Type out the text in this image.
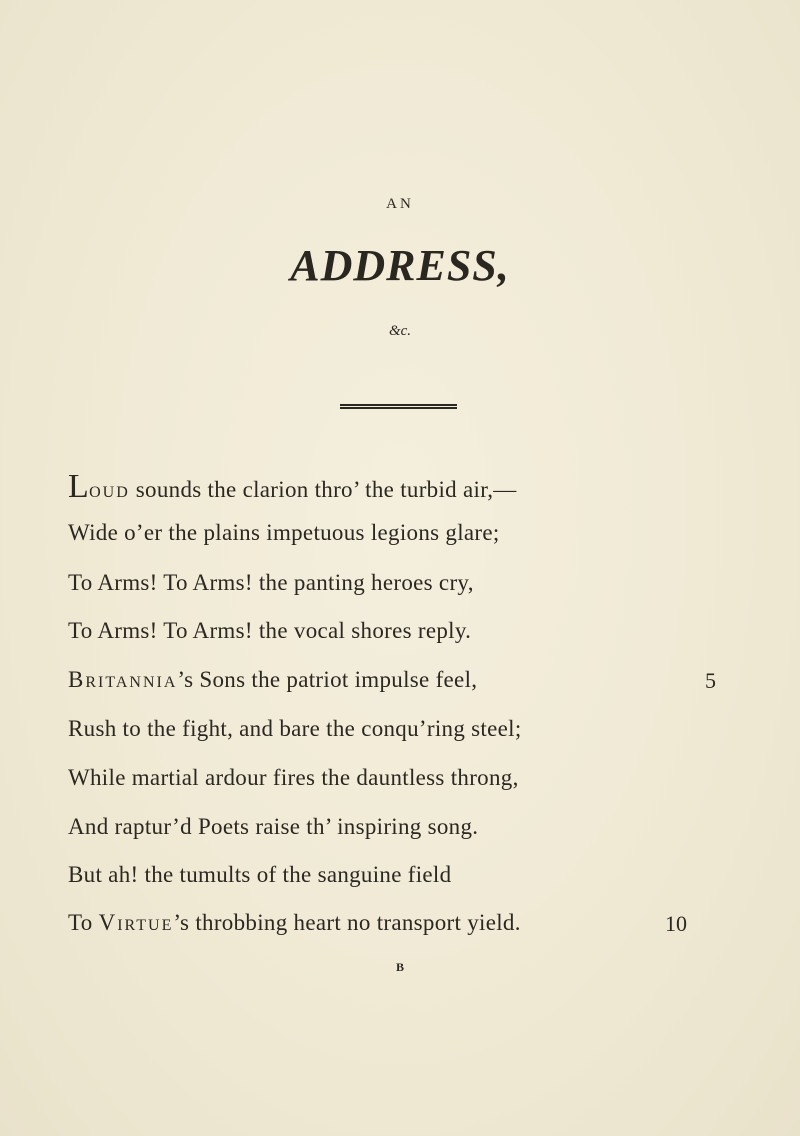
AN
ADDRESS,
&c.
Loud sounds the clarion thro’ the turbid air,—
Wide o’er the plains impetuous legions glare;
To Arms! To Arms! the panting heroes cry,
To Arms! To Arms! the vocal shores reply.
Britannia’s Sons the patriot impulse feel,
Rush to the fight, and bare the conqu’ring steel;
While martial ardour fires the dauntless throng,
And raptur’d Poets raise th’ inspiring song.
But ah! the tumults of the sanguine field
To Virtue’s throbbing heart no transport yield.
5
10
B
